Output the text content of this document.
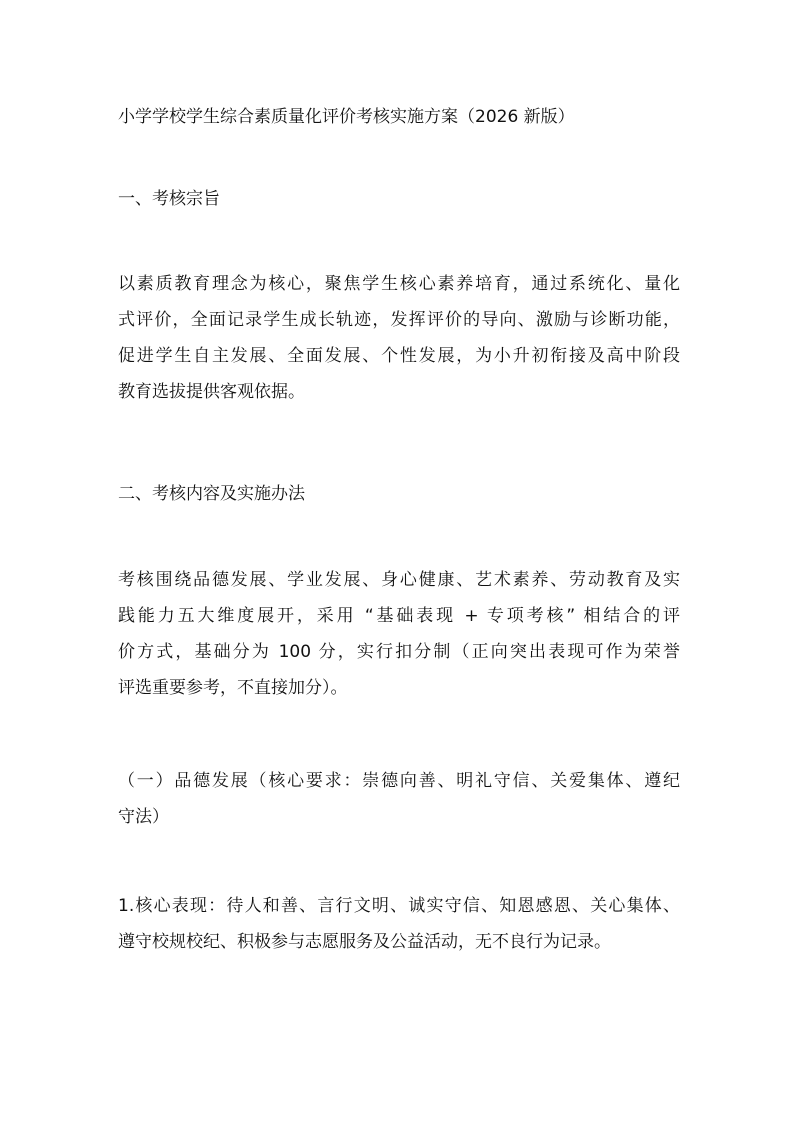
小学学校学生综合素质量化评价考核实施方案（2026 新版）

一、考核宗旨

以素质教育理念为核心，聚焦学生核心素养培育，通过系统化、量化
式评价，全面记录学生成长轨迹，发挥评价的导向、激励与诊断功能，
促进学生自主发展、全面发展、个性发展，为小升初衔接及高中阶段
教育选拔提供客观依据。

二、考核内容及实施办法

考核围绕品德发展、学业发展、身心健康、艺术素养、劳动教育及实
践能力五大维度展开，采用 “基础表现 + 专项考核” 相结合的评
价方式，基础分为 100 分，实行扣分制（正向突出表现可作为荣誉
评选重要参考，不直接加分）。

（一）品德发展（核心要求：崇德向善、明礼守信、关爱集体、遵纪
守法）

1.核心表现：待人和善、言行文明、诚实守信、知恩感恩、关心集体、
遵守校规校纪、积极参与志愿服务及公益活动，无不良行为记录。
